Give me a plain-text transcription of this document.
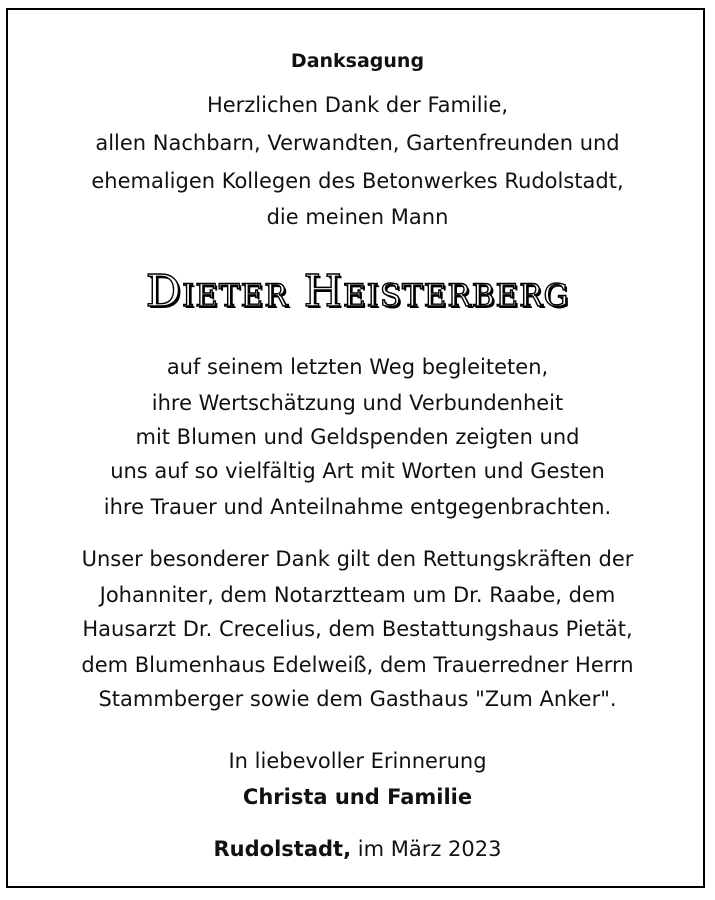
Danksagung
Herzlichen Dank der Familie,
allen Nachbarn, Verwandten, Gartenfreunden und
ehemaligen Kollegen des Betonwerkes Rudolstadt,
die meinen Mann
Dieter Heisterberg
auf seinem letzten Weg begleiteten,
ihre Wertschätzung und Verbundenheit
mit Blumen und Geldspenden zeigten und
uns auf so vielfältig Art mit Worten und Gesten
ihre Trauer und Anteilnahme entgegenbrachten.
Unser besonderer Dank gilt den Rettungskräften der
Johanniter, dem Notarztteam um Dr. Raabe, dem
Hausarzt Dr. Crecelius, dem Bestattungshaus Pietät,
dem Blumenhaus Edelweiß, dem Trauerredner Herrn
Stammberger sowie dem Gasthaus "Zum Anker".
In liebevoller Erinnerung
Christa und Familie
Rudolstadt, im März 2023
